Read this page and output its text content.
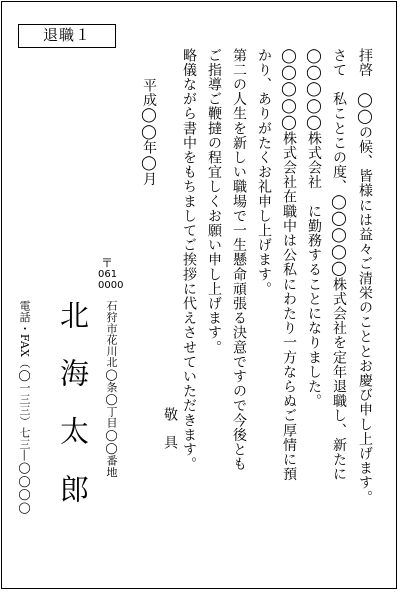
退職１
拝啓　◯◯の候、皆様には益々ご清栄のこととお慶び申し上げます。
さて　私ことこの度、◯◯◯◯◯株式会社を定年退職し、新たに
◯◯◯◯◯株式会社　に勤務することになりました。
◯◯◯◯◯株式会社在職中は公私にわたり一方ならぬご厚情に預
かり、ありがたくお礼申し上げます。
第二の人生を新しい職場で一生懸命頑張る決意ですので今後とも
ご指導ご鞭撻の程宜しくお願い申し上げます。
略儀ながら書中をもちましてご挨拶に代えさせていただきます。
敬具
平成◯◯年◯月
〒
061
0000
石狩市花川北◯条◯丁目◯◯番地
北　海　太　郎
電話・FAX（◯一三三）七三―◯◯◯◯
